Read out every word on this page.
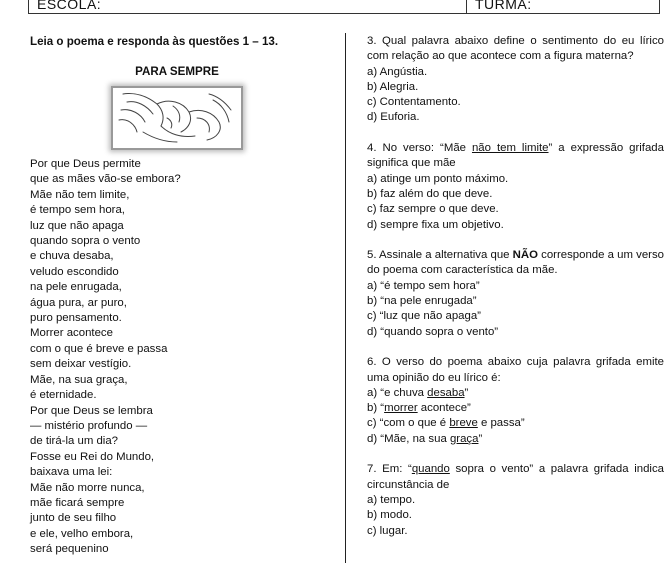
ESCOLA:	TURMA:
Leia o poema e responda às questões 1 – 13.
PARA SEMPRE
Por que Deus permite
que as mães vão-se embora?
Mãe não tem limite,
é tempo sem hora,
luz que não apaga
quando sopra o vento
e chuva desaba,
veludo escondido
na pele enrugada,
água pura, ar puro,
puro pensamento.
Morrer acontece
com o que é breve e passa
sem deixar vestígio.
Mãe, na sua graça,
é eternidade.
Por que Deus se lembra
— mistério profundo —
de tirá-la um dia?
Fosse eu Rei do Mundo,
baixava uma lei:
Mãe não morre nunca,
mãe ficará sempre
junto de seu filho
e ele, velho embora,
será pequenino
3. Qual palavra abaixo define o sentimento do eu lírico com relação ao que acontece com a figura materna?
a) Angústia.
b) Alegria.
c) Contentamento.
d) Euforia.
4. No verso: “Mãe não tem limite” a expressão grifada significa que mãe
a) atinge um ponto máximo.
b) faz além do que deve.
c) faz sempre o que deve.
d) sempre fixa um objetivo.
5. Assinale a alternativa que NÃO corresponde a um verso do poema com característica da mãe.
a) “é tempo sem hora”
b) “na pele enrugada”
c) “luz que não apaga”
d) “quando sopra o vento”
6. O verso do poema abaixo cuja palavra grifada emite uma opinião do eu lírico é:
a) “e chuva desaba”
b) “morrer acontece”
c) “com o que é breve e passa”
d) “Mãe, na sua graça”
7. Em: “quando sopra o vento” a palavra grifada indica circunstância de
a) tempo.
b) modo.
c) lugar.
